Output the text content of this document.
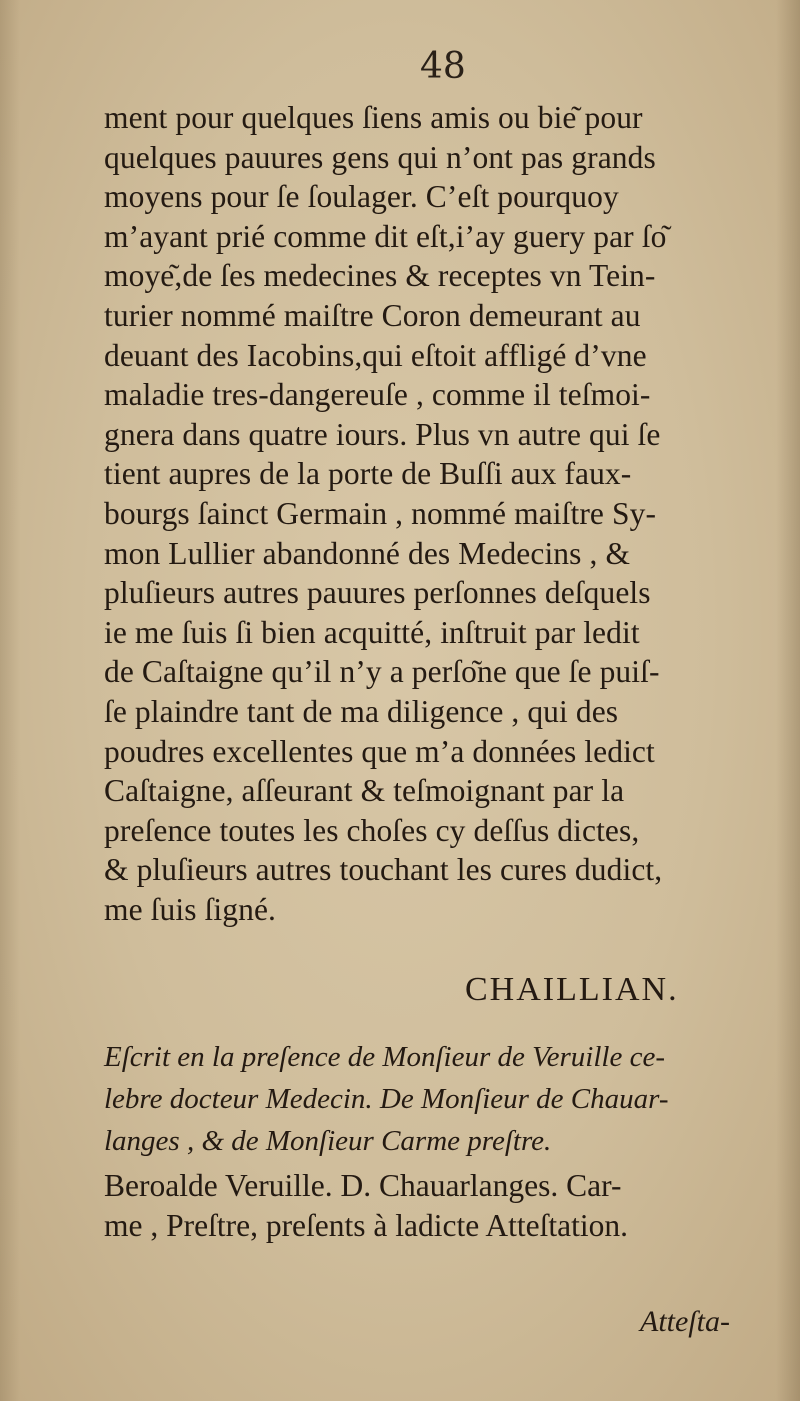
48
ment pour quelques ſiens amis ou bie͂ pour
quelques pauures gens qui n’ont pas grands
moyens pour ſe ſoulager. C’eſt pourquoy
m’ayant prié comme dit eſt,i’ay guery par ſo͂
moye͂,de ſes medecines & receptes vn Tein-
turier nommé maiſtre Coron demeurant au
deuant des Iacobins,qui eſtoit affligé d’vne
maladie tres-dangereuſe , comme il teſmoi-
gnera dans quatre iours. Plus vn autre qui ſe
tient aupres de la porte de Buſſi aux faux-
bourgs ſainct Germain , nommé maiſtre Sy-
mon Lullier abandonné des Medecins , &
pluſieurs autres pauures perſonnes deſquels
ie me ſuis ſi bien acquitté, inſtruit par ledit
de Caſtaigne qu’il n’y a perſo͂ne que ſe puiſ-
ſe plaindre tant de ma diligence , qui des
poudres excellentes que m’a données ledict
Caſtaigne, aſſeurant & teſmoignant par la
preſence toutes les choſes cy deſſus dictes,
& pluſieurs autres touchant les cures dudict,
me ſuis ſigné.
CHAILLIAN.
Eſcrit en la preſence de Monſieur de Veruille ce-
lebre docteur Medecin. De Monſieur de Chauar-
langes , & de Monſieur Carme preſtre.
Beroalde Veruille. D. Chauarlanges. Car-
me , Preſtre, preſents à ladicte Atteſtation.
Atteſta-
